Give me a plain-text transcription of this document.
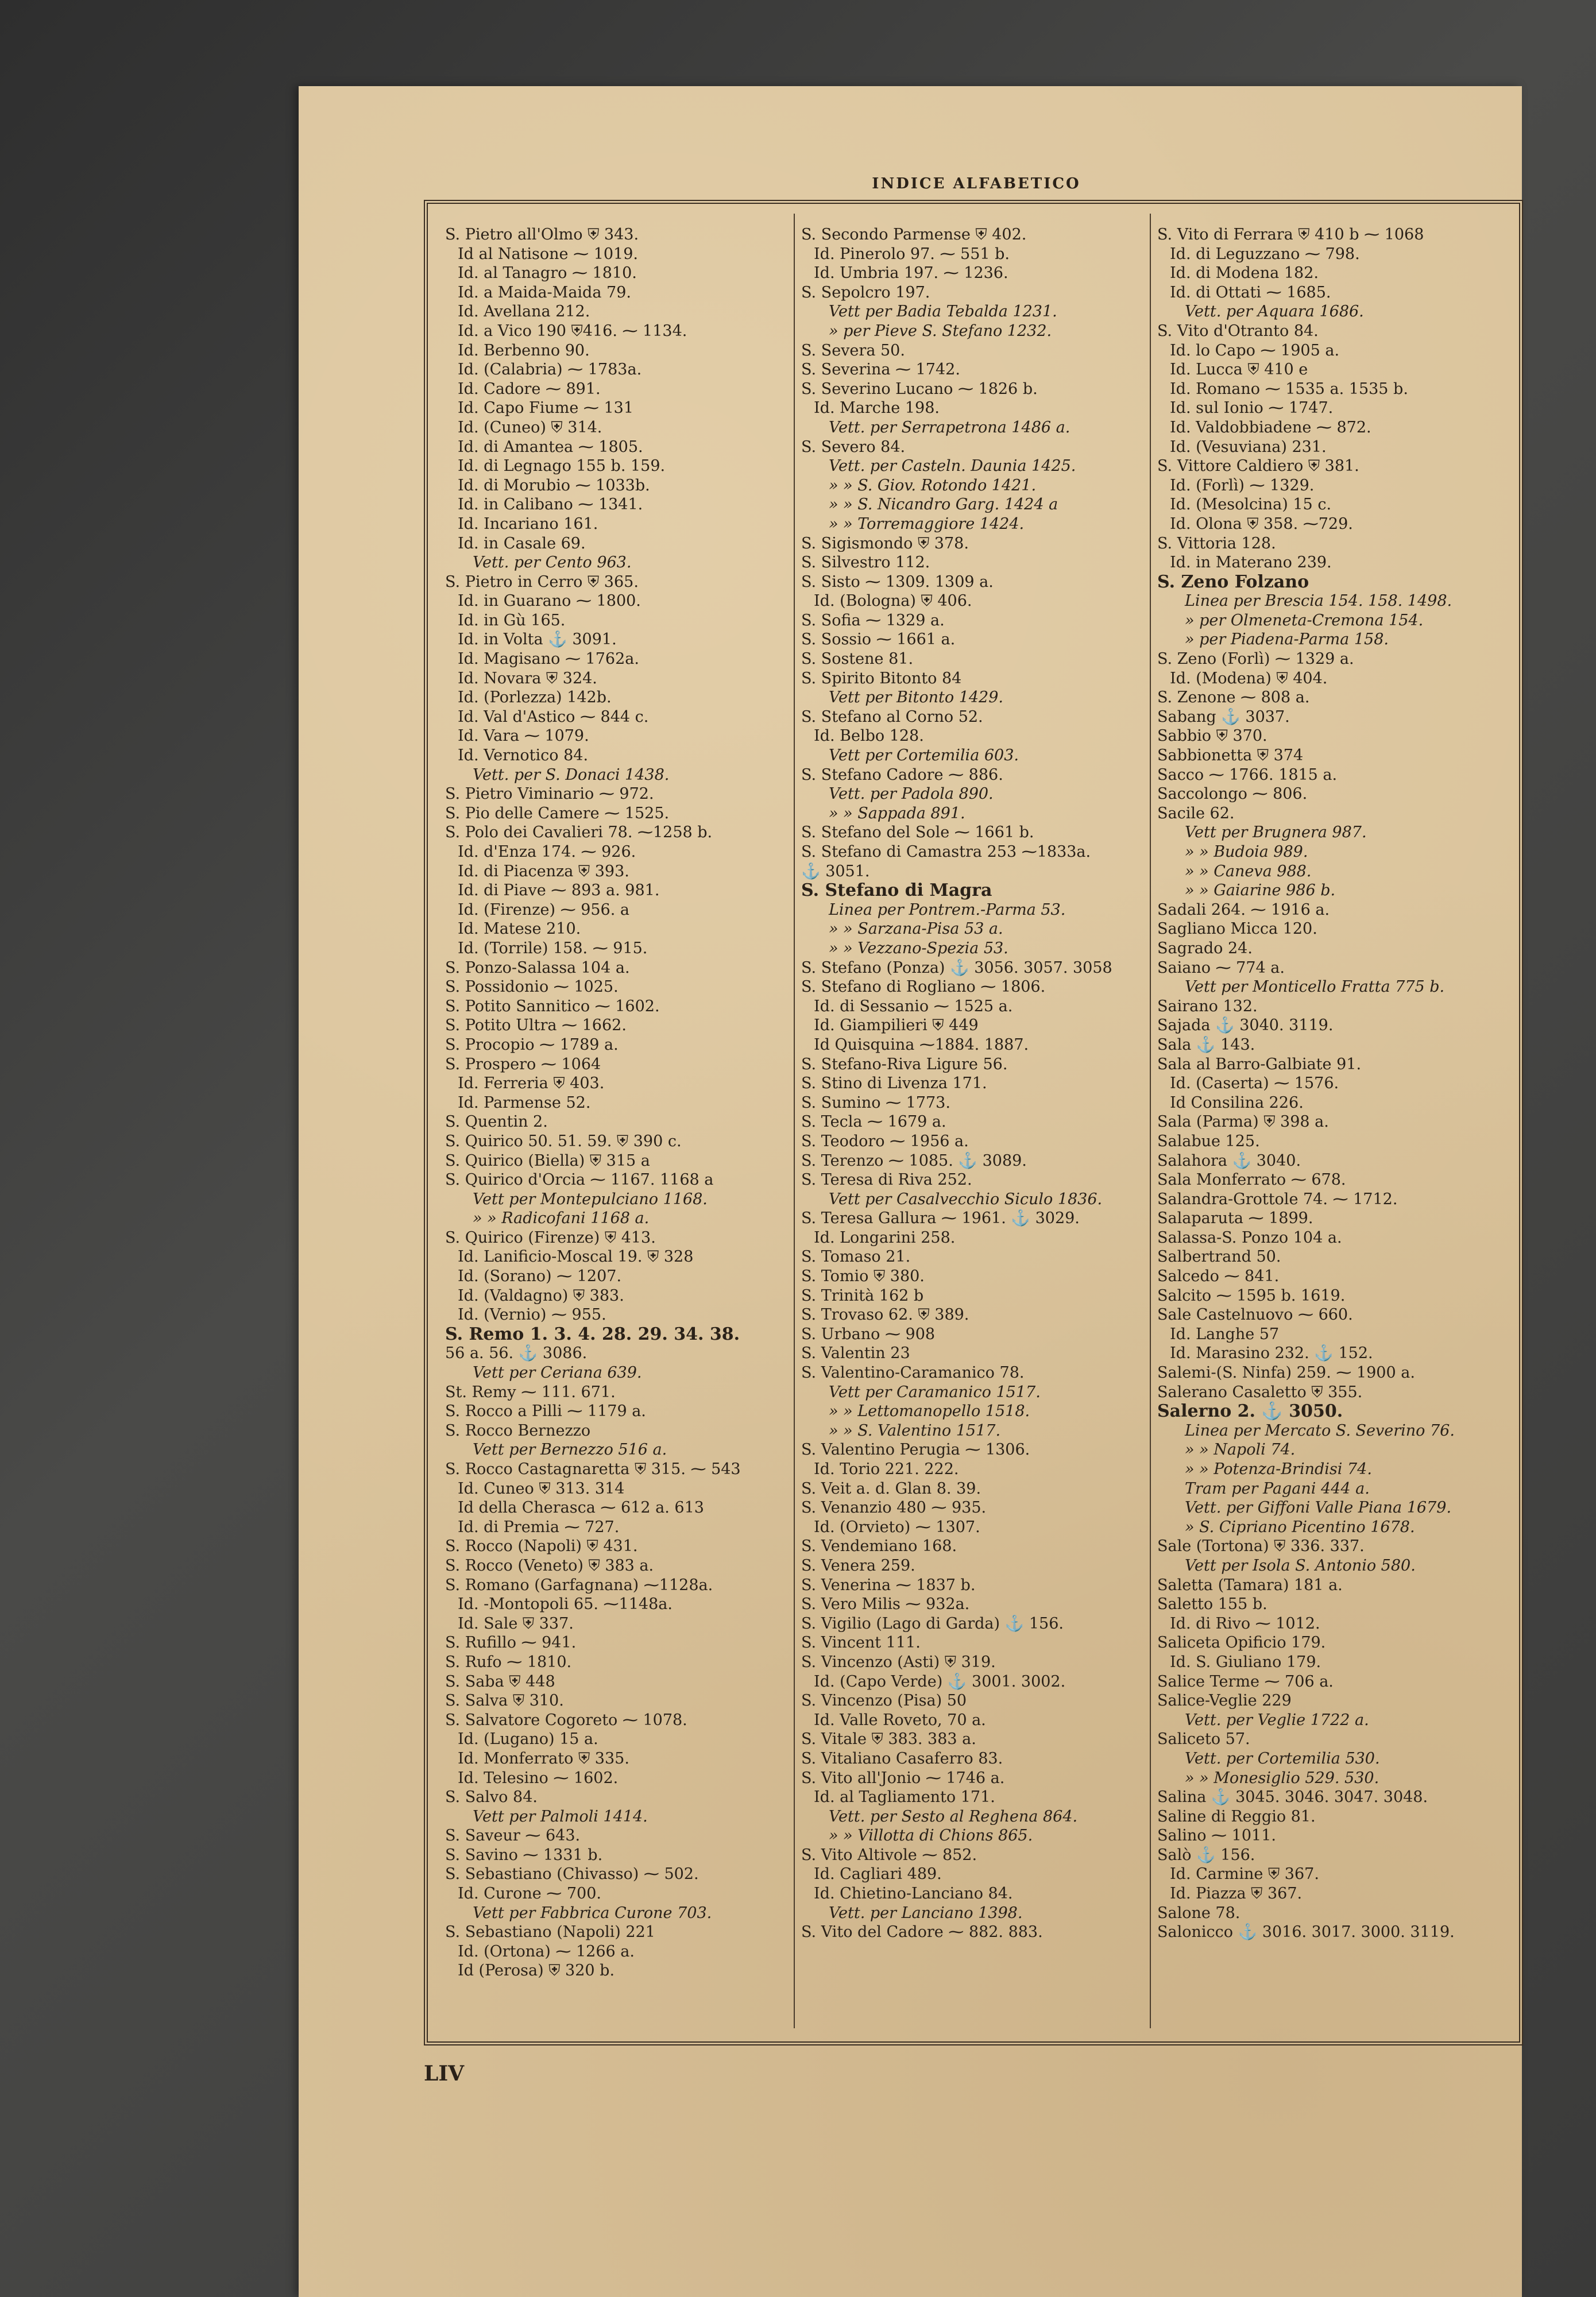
INDICE ALFABETICO
S. Pietro all'Olmo ⛨ 343.
Id al Natisone ⁓ 1019.
Id. al Tanagro ⁓ 1810.
Id. a Maida-Maida 79.
Id. Avellana 212.
Id. a Vico 190 ⛨416. ⁓ 1134.
Id. Berbenno 90.
Id. (Calabria) ⁓ 1783a.
Id. Cadore ⁓ 891.
Id. Capo Fiume ⁓ 131
Id. (Cuneo) ⛨ 314.
Id. di Amantea ⁓ 1805.
Id. di Legnago 155 b. 159.
Id. di Morubio ⁓ 1033b.
Id. in Calibano ⁓ 1341.
Id. Incariano 161.
Id. in Casale 69.
Vett. per Cento 963.
S. Pietro in Cerro ⛨ 365.
Id. in Guarano ⁓ 1800.
Id. in Gù 165.
Id. in Volta ⚓ 3091.
Id. Magisano ⁓ 1762a.
Id. Novara ⛨ 324.
Id. (Porlezza) 142b.
Id. Val d'Astico ⁓ 844 c.
Id. Vara ⁓ 1079.
Id. Vernotico 84.
Vett. per S. Donaci 1438.
S. Pietro Viminario ⁓ 972.
S. Pio delle Camere ⁓ 1525.
S. Polo dei Cavalieri 78. ⁓1258 b.
Id. d'Enza 174. ⁓ 926.
Id. di Piacenza ⛨ 393.
Id. di Piave ⁓ 893 a. 981.
Id. (Firenze) ⁓ 956. a
Id. Matese 210.
Id. (Torrile) 158. ⁓ 915.
S. Ponzo-Salassa 104 a.
S. Possidonio ⁓ 1025.
S. Potito Sannitico ⁓ 1602.
S. Potito Ultra ⁓ 1662.
S. Procopio ⁓ 1789 a.
S. Prospero ⁓ 1064
Id. Ferreria ⛨ 403.
Id. Parmense 52.
S. Quentin 2.
S. Quirico 50. 51. 59. ⛨ 390 c.
S. Quirico (Biella) ⛨ 315 a
S. Quirico d'Orcia ⁓ 1167. 1168 a
Vett per Montepulciano 1168.
» » Radicofani 1168 a.
S. Quirico (Firenze) ⛨ 413.
Id. Lanificio-Moscal 19. ⛨ 328
Id. (Sorano) ⁓ 1207.
Id. (Valdagno) ⛨ 383.
Id. (Vernio) ⁓ 955.
S. Remo 1. 3. 4. 28. 29. 34. 38.
56 a. 56. ⚓ 3086.
Vett per Ceriana 639.
St. Remy ⁓ 111. 671.
S. Rocco a Pilli ⁓ 1179 a.
S. Rocco Bernezzo
Vett per Bernezzo 516 a.
S. Rocco Castagnaretta ⛨ 315. ⁓ 543
Id. Cuneo ⛨ 313. 314
Id della Cherasca ⁓ 612 a. 613
Id. di Premia ⁓ 727.
S. Rocco (Napoli) ⛨ 431.
S. Rocco (Veneto) ⛨ 383 a.
S. Romano (Garfagnana) ⁓1128a.
Id. -Montopoli 65. ⁓1148a.
Id. Sale ⛨ 337.
S. Rufillo ⁓ 941.
S. Rufo ⁓ 1810.
S. Saba ⛨ 448
S. Salva ⛨ 310.
S. Salvatore Cogoreto ⁓ 1078.
Id. (Lugano) 15 a.
Id. Monferrato ⛨ 335.
Id. Telesino ⁓ 1602.
S. Salvo 84.
Vett per Palmoli 1414.
S. Saveur ⁓ 643.
S. Savino ⁓ 1331 b.
S. Sebastiano (Chivasso) ⁓ 502.
Id. Curone ⁓ 700.
Vett per Fabbrica Curone 703.
S. Sebastiano (Napoli) 221
Id. (Ortona) ⁓ 1266 a.
Id (Perosa) ⛨ 320 b.
S. Secondo Parmense ⛨ 402.
Id. Pinerolo 97. ⁓ 551 b.
Id. Umbria 197. ⁓ 1236.
S. Sepolcro 197.
Vett per Badia Tebalda 1231.
» per Pieve S. Stefano 1232.
S. Severa 50.
S. Severina ⁓ 1742.
S. Severino Lucano ⁓ 1826 b.
Id. Marche 198.
Vett. per Serrapetrona 1486 a.
S. Severo 84.
Vett. per Casteln. Daunia 1425.
» » S. Giov. Rotondo 1421.
» » S. Nicandro Garg. 1424 a
» » Torremaggiore 1424.
S. Sigismondo ⛨ 378.
S. Silvestro 112.
S. Sisto ⁓ 1309. 1309 a.
Id. (Bologna) ⛨ 406.
S. Sofia ⁓ 1329 a.
S. Sossio ⁓ 1661 a.
S. Sostene 81.
S. Spirito Bitonto 84
Vett per Bitonto 1429.
S. Stefano al Corno 52.
Id. Belbo 128.
Vett per Cortemilia 603.
S. Stefano Cadore ⁓ 886.
Vett. per Padola 890.
» » Sappada 891.
S. Stefano del Sole ⁓ 1661 b.
S. Stefano di Camastra 253 ⁓1833a.
⚓ 3051.
S. Stefano di Magra
Linea per Pontrem.-Parma 53.
» » Sarzana-Pisa 53 a.
» » Vezzano-Spezia 53.
S. Stefano (Ponza) ⚓ 3056. 3057. 3058
S. Stefano di Rogliano ⁓ 1806.
Id. di Sessanio ⁓ 1525 a.
Id. Giampilieri ⛨ 449
Id Quisquina ⁓1884. 1887.
S. Stefano-Riva Ligure 56.
S. Stino di Livenza 171.
S. Sumino ⁓ 1773.
S. Tecla ⁓ 1679 a.
S. Teodoro ⁓ 1956 a.
S. Terenzo ⁓ 1085. ⚓ 3089.
S. Teresa di Riva 252.
Vett per Casalvecchio Siculo 1836.
S. Teresa Gallura ⁓ 1961. ⚓ 3029.
Id. Longarini 258.
S. Tomaso 21.
S. Tomio ⛨ 380.
S. Trinità 162 b
S. Trovaso 62. ⛨ 389.
S. Urbano ⁓ 908
S. Valentin 23
S. Valentino-Caramanico 78.
Vett per Caramanico 1517.
» » Lettomanopello 1518.
» » S. Valentino 1517.
S. Valentino Perugia ⁓ 1306.
Id. Torio 221. 222.
S. Veit a. d. Glan 8. 39.
S. Venanzio 480 ⁓ 935.
Id. (Orvieto) ⁓ 1307.
S. Vendemiano 168.
S. Venera 259.
S. Venerina ⁓ 1837 b.
S. Vero Milis ⁓ 932a.
S. Vigilio (Lago di Garda) ⚓ 156.
S. Vincent 111.
S. Vincenzo (Asti) ⛨ 319.
Id. (Capo Verde) ⚓ 3001. 3002.
S. Vincenzo (Pisa) 50
Id. Valle Roveto, 70 a.
S. Vitale ⛨ 383. 383 a.
S. Vitaliano Casaferro 83.
S. Vito all'Jonio ⁓ 1746 a.
Id. al Tagliamento 171.
Vett. per Sesto al Reghena 864.
» » Villotta di Chions 865.
S. Vito Altivole ⁓ 852.
Id. Cagliari 489.
Id. Chietino-Lanciano 84.
Vett. per Lanciano 1398.
S. Vito del Cadore ⁓ 882. 883.
S. Vito di Ferrara ⛨ 410 b ⁓ 1068
Id. di Leguzzano ⁓ 798.
Id. di Modena 182.
Id. di Ottati ⁓ 1685.
Vett. per Aquara 1686.
S. Vito d'Otranto 84.
Id. lo Capo ⁓ 1905 a.
Id. Lucca ⛨ 410 e
Id. Romano ⁓ 1535 a. 1535 b.
Id. sul Ionio ⁓ 1747.
Id. Valdobbiadene ⁓ 872.
Id. (Vesuviana) 231.
S. Vittore Caldiero ⛨ 381.
Id. (Forlì) ⁓ 1329.
Id. (Mesolcina) 15 c.
Id. Olona ⛨ 358. ⁓729.
S. Vittoria 128.
Id. in Materano 239.
S. Zeno Folzano
Linea per Brescia 154. 158. 1498.
» per Olmeneta-Cremona 154.
» per Piadena-Parma 158.
S. Zeno (Forlì) ⁓ 1329 a.
Id. (Modena) ⛨ 404.
S. Zenone ⁓ 808 a.
Sabang ⚓ 3037.
Sabbio ⛨ 370.
Sabbionetta ⛨ 374
Sacco ⁓ 1766. 1815 a.
Saccolongo ⁓ 806.
Sacile 62.
Vett per Brugnera 987.
» » Budoia 989.
» » Caneva 988.
» » Gaiarine 986 b.
Sadali 264. ⁓ 1916 a.
Sagliano Micca 120.
Sagrado 24.
Saiano ⁓ 774 a.
Vett per Monticello Fratta 775 b.
Sairano 132.
Sajada ⚓ 3040. 3119.
Sala ⚓ 143.
Sala al Barro-Galbiate 91.
Id. (Caserta) ⁓ 1576.
Id Consilina 226.
Sala (Parma) ⛨ 398 a.
Salabue 125.
Salahora ⚓ 3040.
Sala Monferrato ⁓ 678.
Salandra-Grottole 74. ⁓ 1712.
Salaparuta ⁓ 1899.
Salassa-S. Ponzo 104 a.
Salbertrand 50.
Salcedo ⁓ 841.
Salcito ⁓ 1595 b. 1619.
Sale Castelnuovo ⁓ 660.
Id. Langhe 57
Id. Marasino 232. ⚓ 152.
Salemi-(S. Ninfa) 259. ⁓ 1900 a.
Salerano Casaletto ⛨ 355.
Salerno 2. ⚓ 3050.
Linea per Mercato S. Severino 76.
» » Napoli 74.
» » Potenza-Brindisi 74.
Tram per Pagani 444 a.
Vett. per Giffoni Valle Piana 1679.
» S. Cipriano Picentino 1678.
Sale (Tortona) ⛨ 336. 337.
Vett per Isola S. Antonio 580.
Saletta (Tamara) 181 a.
Saletto 155 b.
Id. di Rivo ⁓ 1012.
Saliceta Opificio 179.
Id. S. Giuliano 179.
Salice Terme ⁓ 706 a.
Salice-Veglie 229
Vett. per Veglie 1722 a.
Saliceto 57.
Vett. per Cortemilia 530.
» » Monesiglio 529. 530.
Salina ⚓ 3045. 3046. 3047. 3048.
Saline di Reggio 81.
Salino ⁓ 1011.
Salò ⚓ 156.
Id. Carmine ⛨ 367.
Id. Piazza ⛨ 367.
Salone 78.
Salonicco ⚓ 3016. 3017. 3000. 3119.
LIV
